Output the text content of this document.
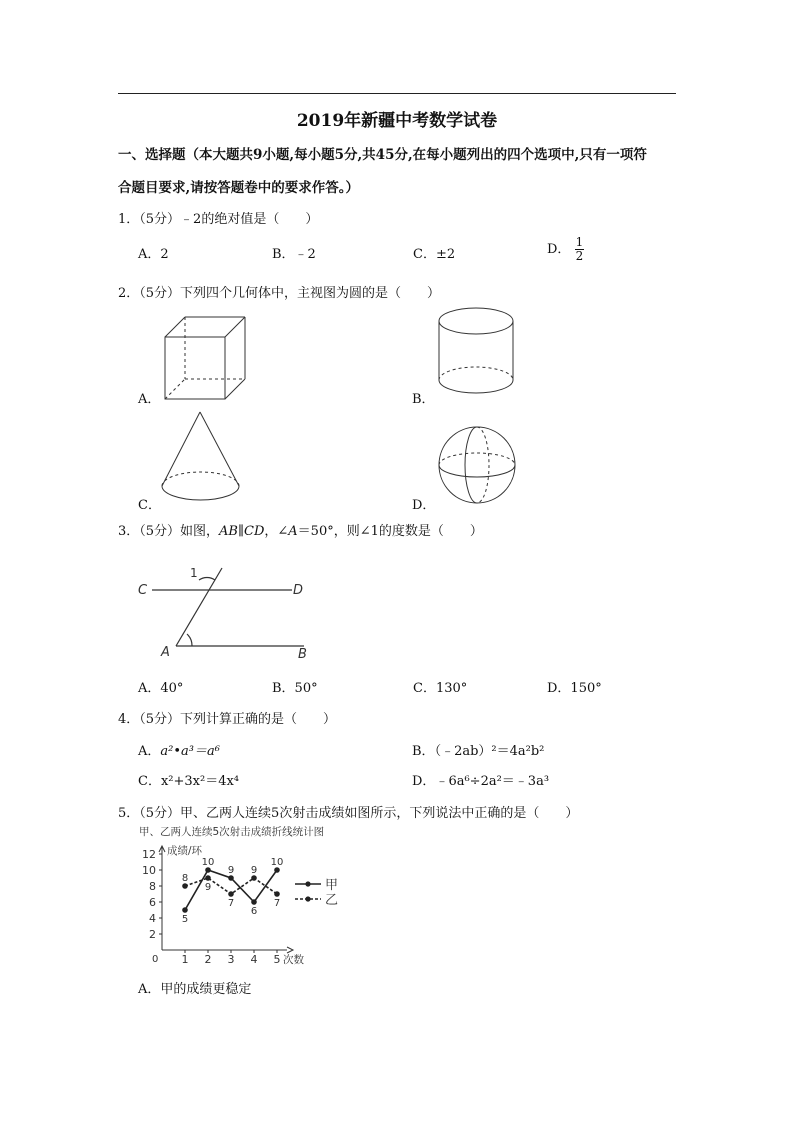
2019年新疆中考数学试卷
一、选择题（本大题共9小题,每小题5分,共45分,在每小题列出的四个选项中,只有一项符
合题目要求,请按答题卷中的要求作答。）
1．（5分）﹣2的绝对值是（　　）
A．2	B．﹣2	C．±2	D． $\frac{1}{2}$
2．（5分）下列四个几何体中，主视图为圆的是（　　）
A．	B．
C．	D．
3．（5分）如图，AB∥CD，∠A＝50°，则∠1的度数是（　　）
C	D
A	B
1
A．40°	B．50°	C．130°	D．150°
4．（5分）下列计算正确的是（　　）
A．a²•a³＝a⁶	B．（﹣2ab）²＝4a²b²
C．x²+3x²＝4x⁴	D．﹣6a⁶÷2a²＝﹣3a³
5．（5分）甲、乙两人连续5次射击成绩如图所示，下列说法中正确的是（　　）
甲、乙两人连续5次射击成绩折线统计图
成绩/环
次数
0
2
4
6
8
10
12
1 2 3 4 5
5
10
9
6
10
8
9
7
9
7
甲
乙
A．甲的成绩更稳定
